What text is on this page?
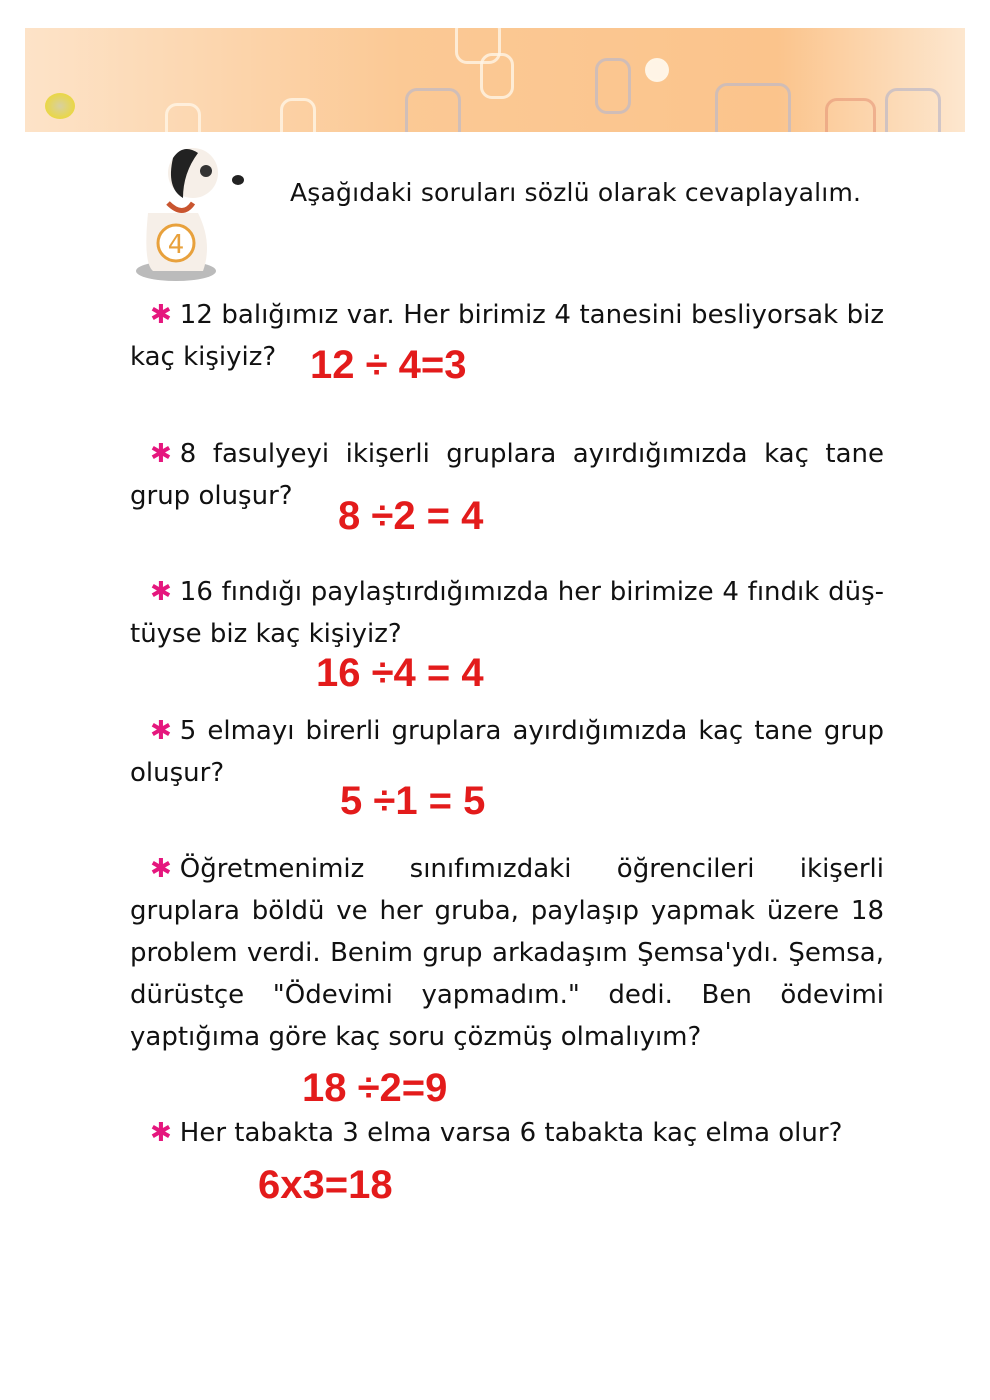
4
Aşağıdaki soruları sözlü olarak cevaplayalım.
✱ 12 balığımız var. Her birimiz 4 tanesini besliyorsak biz kaç kişiyiz? 12 ÷ 4=3
✱ 8 fasulyeyi ikişerli gruplara ayırdığımızda kaç tane grup oluşur?	8 ÷2 = 4
✱ 16 fındığı paylaştırdığımızda her birimize 4 fındık düş-tüyse biz kaç kişiyiz?
16 ÷4 = 4
✱ 5 elmayı birerli gruplara ayırdığımızda kaç tane grup oluşur?
5 ÷1 = 5
✱ Öğretmenimiz sınıfımızdaki öğrencileri ikişerli gruplara böldü ve her gruba, paylaşıp yapmak üzere 18 problem verdi. Benim grup arkadaşım Şemsa'ydı. Şemsa, dürüstçe "Ödevimi yapmadım." dedi. Ben ödevimi yaptığıma göre kaç soru çözmüş olmalıyım?
18 ÷2=9
✱ Her tabakta 3 elma varsa 6 tabakta kaç elma olur?
6x3=18
